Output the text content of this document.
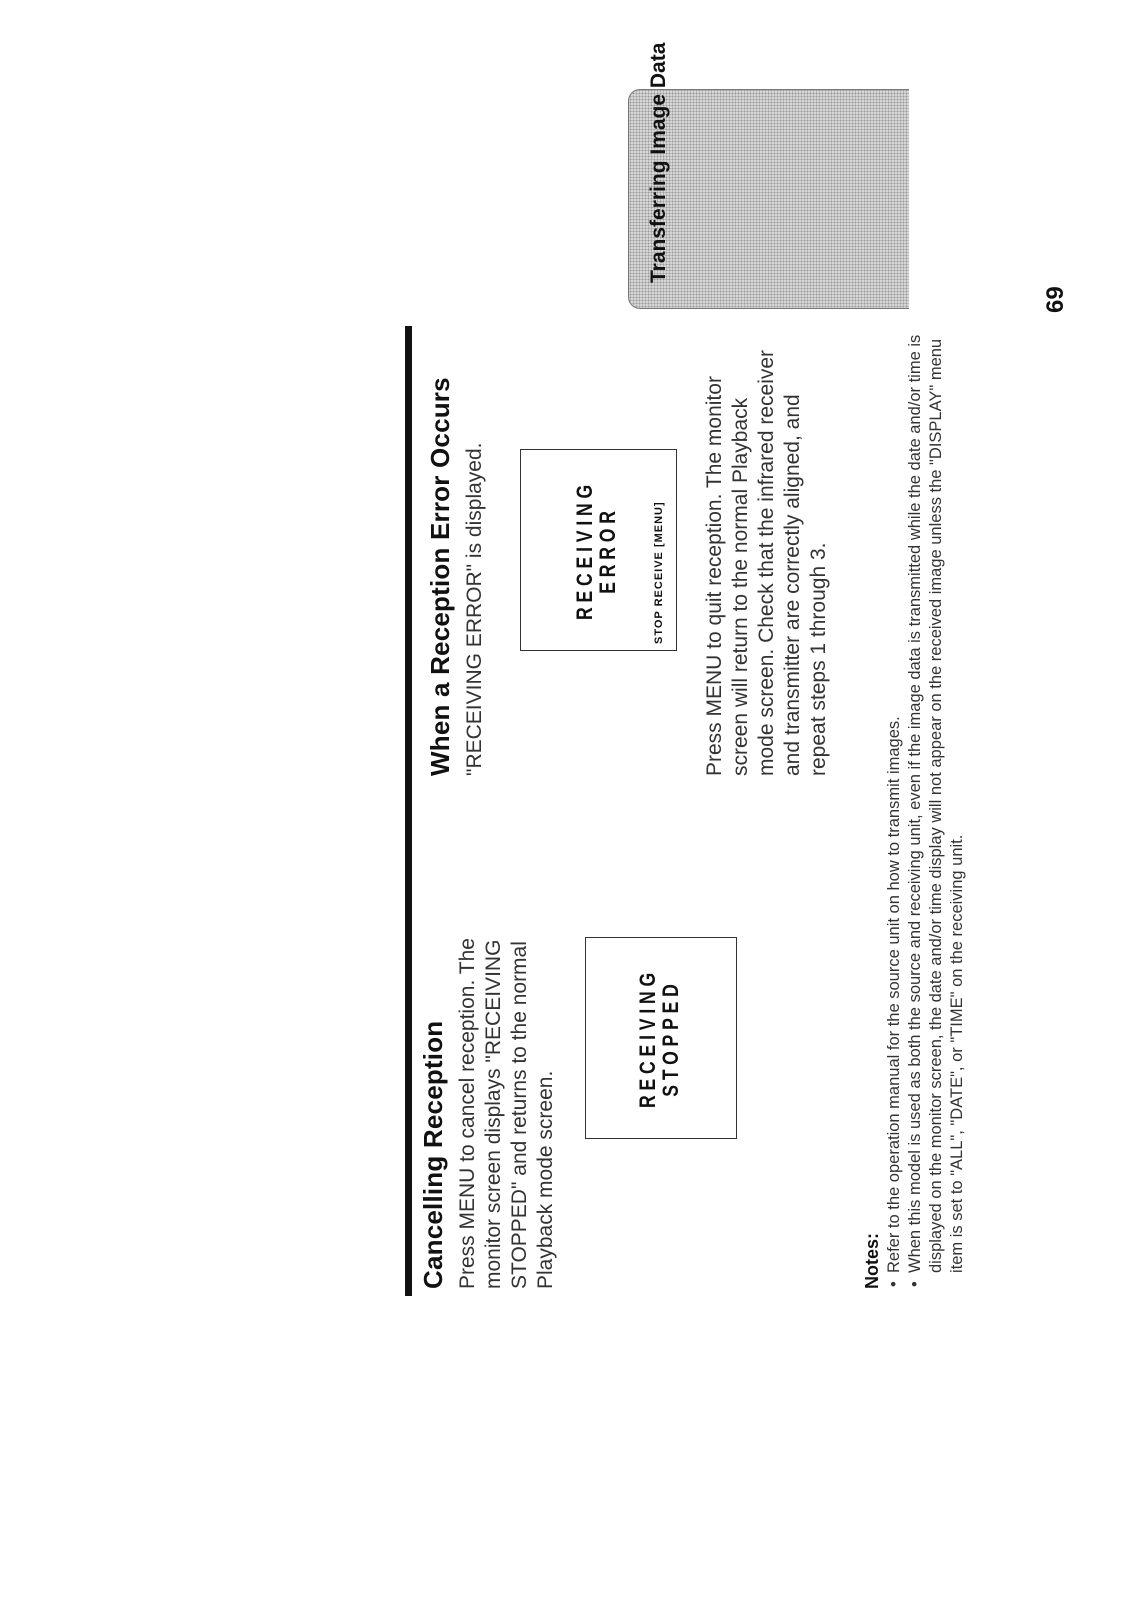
Cancelling Reception Press MENU to cancel reception. The monitor screen displays "RECEIVING STOPPED" and returns to the normal Playback mode screen.
RECEIVING
STOPPED
When a Reception Error Occurs "RECEIVING ERROR" is displayed.	RECEIVING
ERROR	STOP RECEIVE [MENU] Press MENU to quit reception. The monitor screen will return to the normal Playback mode screen. Check that the infrared receiver and transmitter are correctly aligned, and repeat steps 1 through 3.
Notes: •
Refer to the operation manual for the source unit on how to transmit images.
•
When this model is used as both the source and receiving unit, even if the image data is transmitted while the date and/or time is displayed on the monitor screen, the date and/or time display will not appear on the received image unless the "DISPLAY" menu item is set to "ALL", "DATE", or "TIME" on the receiving unit.
Transferring Image Data
69
